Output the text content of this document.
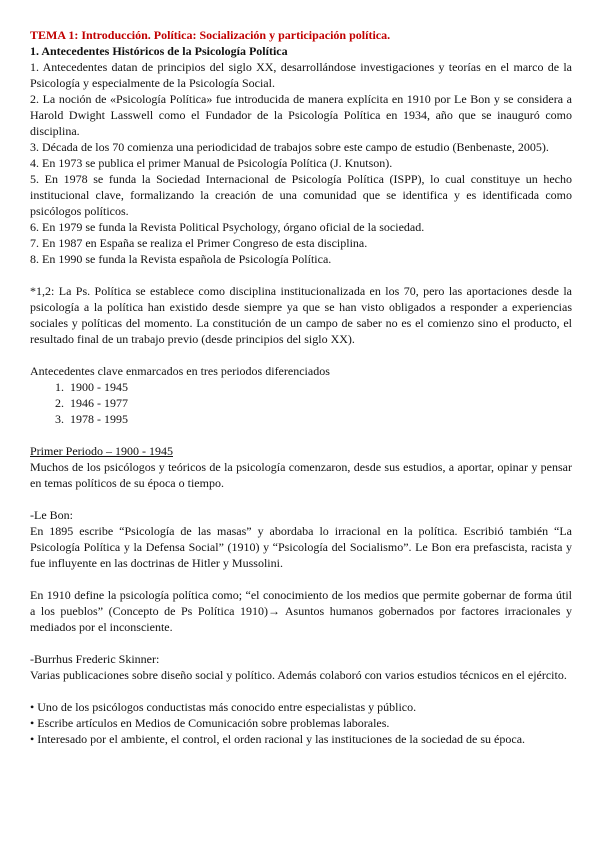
TEMA 1: Introducción. Política: Socialización y participación política.

1. Antecedentes Históricos de la Psicología Política

1. Antecedentes datan de principios del siglo XX, desarrollándose investigaciones y teorías en el marco de la Psicología y especialmente de la Psicología Social.

2. La noción de «Psicología Política» fue introducida de manera explícita en 1910 por Le Bon y se considera a Harold Dwight Lasswell como el Fundador de la Psicología Política en 1934, año que se inauguró como disciplina.

3. Década de los 70 comienza una periodicidad de trabajos sobre este campo de estudio (Benbenaste, 2005).

4. En 1973 se publica el primer Manual de Psicología Política (J. Knutson).

5. En 1978 se funda la Sociedad Internacional de Psicología Política (ISPP), lo cual constituye un hecho institucional clave, formalizando la creación de una comunidad que se identifica y es identificada como psicólogos políticos.

6. En 1979 se funda la Revista Political Psychology, órgano oficial de la sociedad.

7. En 1987 en España se realiza el Primer Congreso de esta disciplina.

8. En 1990 se funda la Revista española de Psicología Política.

*1,2: La Ps. Política se establece como disciplina institucionalizada en los 70, pero las aportaciones desde la psicología a la política han existido desde siempre ya que se han visto obligados a responder a experiencias sociales y políticas del momento. La constitución de un campo de saber no es el comienzo sino el producto, el resultado final de un trabajo previo (desde principios del siglo XX).

Antecedentes clave enmarcados en tres periodos diferenciados

1. 1900 - 1945
2. 1946 - 1977
3. 1978 - 1995

Primer Periodo – 1900 - 1945

Muchos de los psicólogos y teóricos de la psicología comenzaron, desde sus estudios, a aportar, opinar y pensar en temas políticos de su época o tiempo.

-Le Bon:

En 1895 escribe “Psicología de las masas” y abordaba lo irracional en la política. Escribió también “La Psicología Política y la Defensa Social” (1910) y “Psicología del Socialismo”. Le Bon era prefascista, racista y fue influyente en las doctrinas de Hitler y Mussolini.

En 1910 define la psicología política como; “el conocimiento de los medios que permite gobernar de forma útil a los pueblos” (Concepto de Ps Política 1910)→ Asuntos humanos gobernados por factores irracionales y mediados por el inconsciente.

-Burrhus Frederic Skinner:

Varias publicaciones sobre diseño social y político. Además colaboró con varios estudios técnicos en el ejército.

• Uno de los psicólogos conductistas más conocido entre especialistas y público.
• Escribe artículos en Medios de Comunicación sobre problemas laborales.
• Interesado por el ambiente, el control, el orden racional y las instituciones de la sociedad de su época.
